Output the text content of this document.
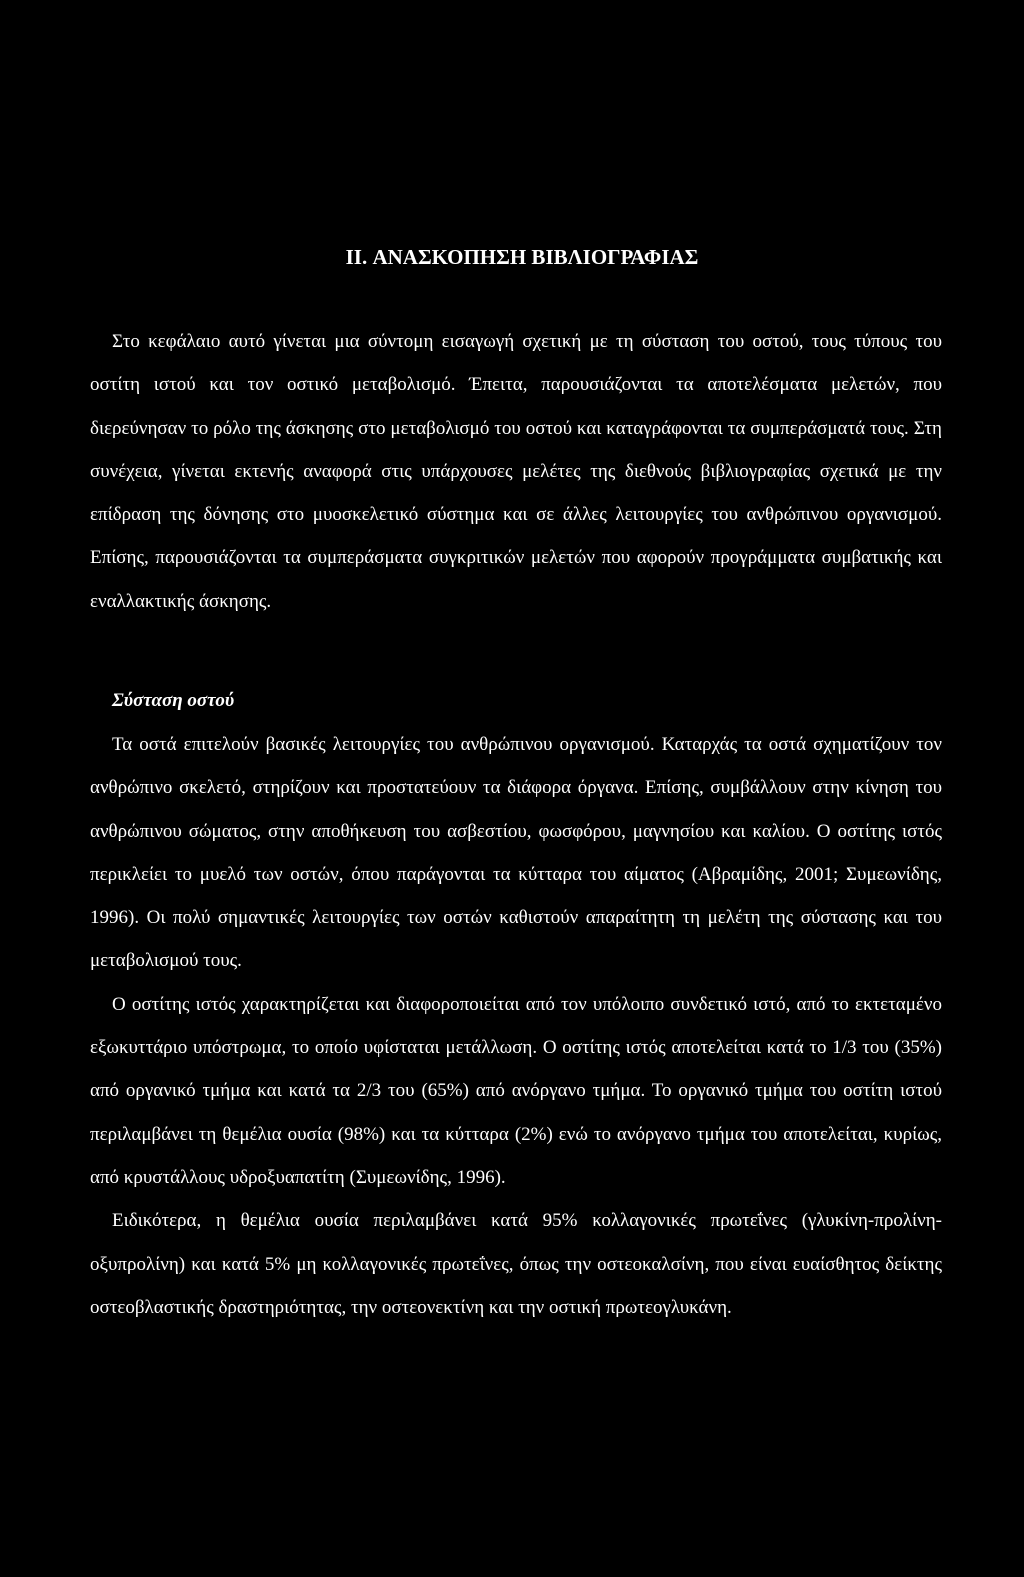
II. ΑΝΑΣΚΟΠΗΣΗ ΒΙΒΛΙΟΓΡΑΦΙΑΣ

Στο κεφάλαιο αυτό γίνεται μια σύντομη εισαγωγή σχετική με τη σύσταση του οστού, τους τύπους του οστίτη ιστού και τον οστικό μεταβολισμό. Έπειτα, παρουσιάζονται τα αποτελέσματα μελετών, που διερεύνησαν το ρόλο της άσκησης στο μεταβολισμό του οστού και καταγράφονται τα συμπεράσματά τους. Στη συνέχεια, γίνεται εκτενής αναφορά στις υπάρχουσες μελέτες της διεθνούς βιβλιογραφίας σχετικά με την επίδραση της δόνησης στο μυοσκελετικό σύστημα και σε άλλες λειτουργίες του ανθρώπινου οργανισμού. Επίσης, παρουσιάζονται τα συμπεράσματα συγκριτικών μελετών που αφορούν προγράμματα συμβατικής και εναλλακτικής άσκησης.

Σύσταση οστού

Τα οστά επιτελούν βασικές λειτουργίες του ανθρώπινου οργανισμού. Καταρχάς τα οστά σχηματίζουν τον ανθρώπινο σκελετό, στηρίζουν και προστατεύουν τα διάφορα όργανα. Επίσης, συμβάλλουν στην κίνηση του ανθρώπινου σώματος, στην αποθήκευση του ασβεστίου, φωσφόρου, μαγνησίου και καλίου. Ο οστίτης ιστός περικλείει το μυελό των οστών, όπου παράγονται τα κύτταρα του αίματος (Αβραμίδης, 2001; Συμεωνίδης, 1996). Οι πολύ σημαντικές λειτουργίες των οστών καθιστούν απαραίτητη τη μελέτη της σύστασης και του μεταβολισμού τους.

Ο οστίτης ιστός χαρακτηρίζεται και διαφοροποιείται από τον υπόλοιπο συνδετικό ιστό, από το εκτεταμένο εξωκυττάριο υπόστρωμα, το οποίο υφίσταται μετάλλωση. Ο οστίτης ιστός αποτελείται κατά το 1/3 του (35%) από οργανικό τμήμα και κατά τα 2/3 του (65%) από ανόργανο τμήμα. Το οργανικό τμήμα του οστίτη ιστού περιλαμβάνει τη θεμέλια ουσία (98%) και τα κύτταρα (2%) ενώ το ανόργανο τμήμα του αποτελείται, κυρίως, από κρυστάλλους υδροξυαπατίτη (Συμεωνίδης, 1996).

Ειδικότερα, η θεμέλια ουσία περιλαμβάνει κατά 95% κολλαγονικές πρωτεΐνες (γλυκίνη-προλίνη-οξυπρολίνη) και κατά 5% μη κολλαγονικές πρωτεΐνες, όπως την οστεοκαλσίνη, που είναι ευαίσθητος δείκτης οστεοβλαστικής δραστηριότητας, την οστεονεκτίνη και την οστική πρωτεογλυκάνη.
